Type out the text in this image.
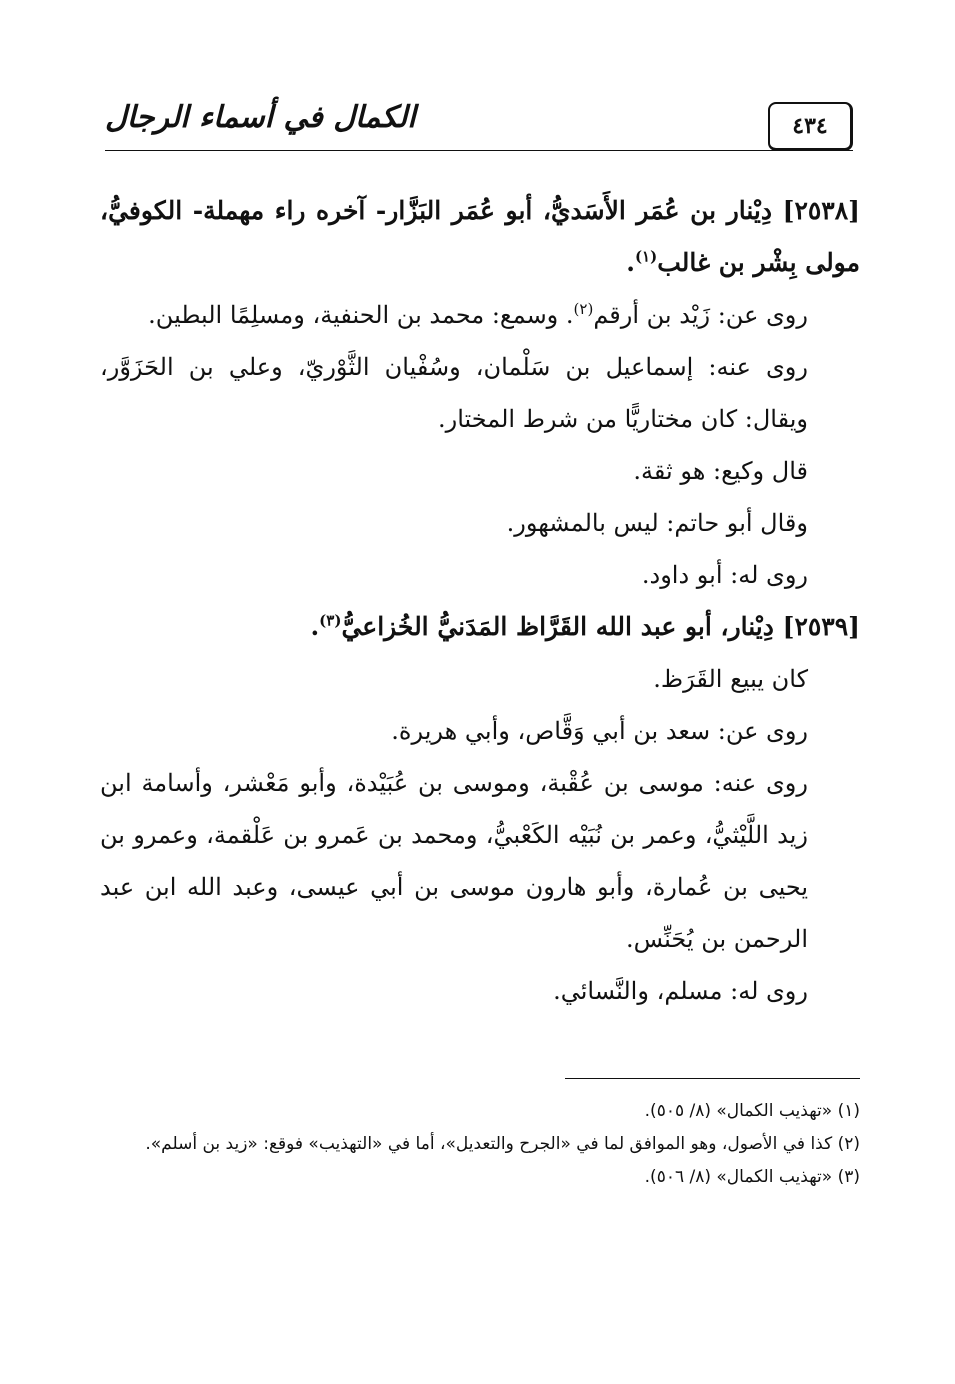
٤٣٤
الكمال في أسماء الرجال

[٢٥٣٨] دِيْنار بن عُمَر الأَسَديُّ، أبو عُمَر البَزَّار- آخره راء مهملة- الكوفيُّ، مولى بِشْر بن غالب$^{(١)}$.

روى عن: زَيْد بن أرقم$^{(٢)}$. وسمع: محمد بن الحنفية، ومسلِمًا البطين.

روى عنه: إسماعيل بن سَلْمان، وسُفْيان الثَّوْريّ، وعلي بن الحَزَوَّر، ويقال: كان مختاريًّا من شرط المختار.

قال وكيع: هو ثقة.

وقال أبو حاتم: ليس بالمشهور.

روى له: أبو داود.

[٢٥٣٩] دِيْنار، أبو عبد الله القَرَّاظ المَدَنيُّ الخُزاعيُّ$^{(٣)}$.

كان يبيع القَرَظ.

روى عن: سعد بن أبي وَقَّاص، وأبي هريرة.

روى عنه: موسى بن عُقْبة، وموسى بن عُبَيْدة، وأبو مَعْشر، وأسامة ابن زيد اللَّيْثيُّ، وعمر بن نُبَيْه الكَعْبيُّ، ومحمد بن عَمرو بن عَلْقمة، وعمرو بن يحيى بن عُمارة، وأبو هارون موسى بن أبي عيسى، وعبد الله ابن عبد الرحمن بن يُحَنِّس.

روى له: مسلم، والنَّسائي.

(١) «تهذيب الكمال» (٨/ ٥٠٥).

(٢) كذا في الأصول، وهو الموافق لما في «الجرح والتعديل»، أما في «التهذيب» فوقع: «زيد بن أسلم».

(٣) «تهذيب الكمال» (٨/ ٥٠٦).
